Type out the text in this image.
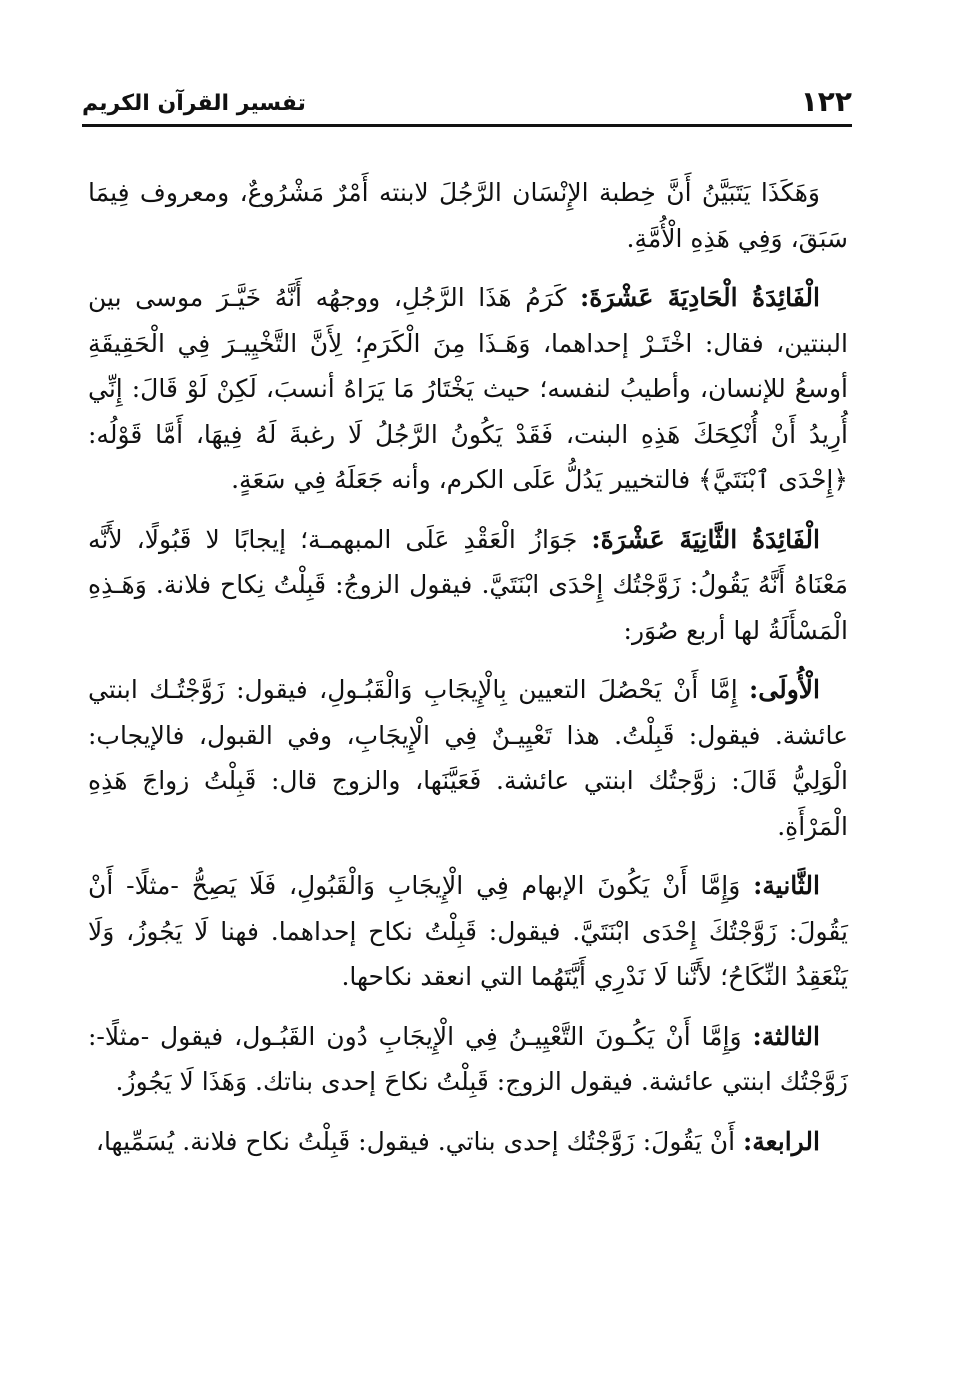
١٢٢
تفسير القرآن الكريم

وَهَكَذَا يَتَبَيَّنُ أَنَّ خِطبة الإِنْسَان الرَّجُلَ لابنته أَمْرٌ مَشْرُوعٌ، ومعروف فِيمَا سَبَقَ، وَفِي هَذِهِ الْأُمَّةِ.

الْفَائِدَةُ الْحَادِيَةَ عَشْرَةَ: كَرَمُ هَذَا الرَّجُلِ، ووجهُه أَنَّهُ خَيَّـرَ موسى بين البنتين، فقال: اخْتَـرْ إحداهما، وَهَـذَا مِنَ الْكَرَمِ؛ لِأَنَّ التَّخْيِيـرَ فِي الْحَقِيقَةِ أوسعُ للإنسان، وأطيبُ لنفسه؛ حيث يَخْتَارُ مَا يَرَاهُ أنسبَ، لَكِنْ لَوْ قَالَ: إِنِّي أُرِيدُ أَنْ أُنْكِحَكَ هَذِهِ البنت، فَقَدْ يَكُونُ الرَّجُلُ لَا رغبةَ لَهُ فِيهَا، أَمَّا قَوْلُه: ﴿إِحْدَى ٱبْنَتَيَّ﴾ فالتخيير يَدُلُّ عَلَى الكرم، وأنه جَعَلَهُ فِي سَعَةٍ.

الْفَائِدَةُ الثَّانِيَةَ عَشْرَةَ: جَوَازُ الْعَقْدِ عَلَى المبهمـة؛ إيجابًا لا قَبُولًا، لأَنَّه مَعْنَاهُ أَنَّهُ يَقُولُ: زَوَّجْتُك إِحْدَى ابْنَتَيَّ. فيقول الزوجُ: قَبِلْتُ نِكاح فلانة. وَهَـذِهِ الْمَسْأَلَةُ لها أربع صُوَر:

الْأُولَى: إِمَّا أَنْ يَحْصُلَ التعيين بِالْإِيجَابِ وَالْقَبُـولِ، فيقول: زَوَّجْتُـك ابنتي عائشة. فيقول: قَبِلْتُ. هذا تَعْيِيـنٌ فِي الْإِيجَابِ، وفي القبول، فالإيجاب: الْوَلِيُّ قَالَ: زوَّجتُك ابنتي عائشة. فَعَيَّنَها، والزوج قال: قَبِلْتُ زواجَ هَذِهِ الْمَرْأَةِ.

الثَّانية: وَإِمَّا أَنْ يَكُونَ الإبهام فِي الْإِيجَابِ وَالْقَبُولِ، فَلَا يَصِحُّ -مثلًا- أَنْ يَقُولَ: زَوَّجْتُكَ إِحْدَى ابْنَتَيَّ. فيقول: قَبِلْتُ نكاح إحداهما. فهنا لَا يَجُوزُ، وَلَا يَنْعَقِدُ النِّكَاحُ؛ لأَنَّنا لَا نَدْرِي أَيَّتَهُما التي انعقد نكاحها.

الثالثة: وَإِمَّا أَنْ يَكُـونَ التَّعْيِيـنُ فِي الْإِيجَابِ دُون القَبُـول، فيقول -مثلًا-: زَوَّجْتُك ابنتي عائشة. فيقول الزوج: قَبِلْتُ نكاحَ إحدى بناتك. وَهَذَا لَا يَجُوزُ.

الرابعة: أَنْ يَقُولَ: زَوَّجْتُك إحدى بناتي. فيقول: قَبِلْتُ نكاح فلانة. يُسَمِّيها،
